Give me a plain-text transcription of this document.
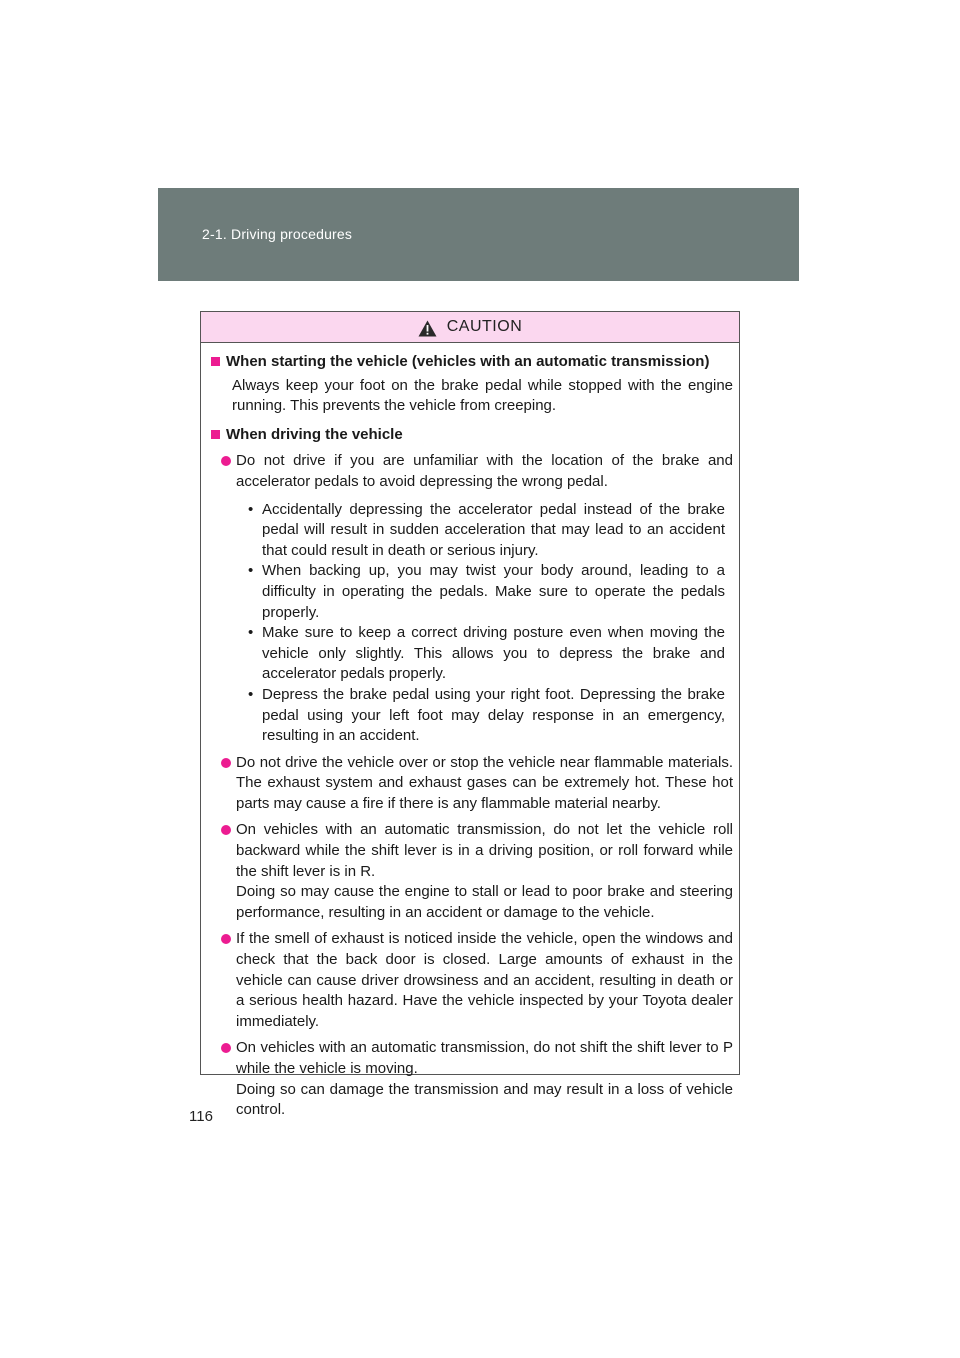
2-1. Driving procedures
CAUTION
When starting the vehicle (vehicles with an automatic transmission)
Always keep your foot on the brake pedal while stopped with the engine running. This prevents the vehicle from creeping.
When driving the vehicle

Do not drive if you are unfamiliar with the location of the brake and accelerator pedals to avoid depressing the wrong pedal.

• Accidentally depressing the accelerator pedal instead of the brake pedal will result in sudden acceleration that may lead to an accident that could result in death or serious injury.
• When backing up, you may twist your body around, leading to a difficulty in operating the pedals. Make sure to operate the pedals properly.
• Make sure to keep a correct driving posture even when moving the vehicle only slightly. This allows you to depress the brake and accelerator pedals properly.
• Depress the brake pedal using your right foot. Depressing the brake pedal using your left foot may delay response in an emergency, resulting in an accident.

Do not drive the vehicle over or stop the vehicle near flammable materials. The exhaust system and exhaust gases can be extremely hot. These hot parts may cause a fire if there is any flammable material nearby.

On vehicles with an automatic transmission, do not let the vehicle roll backward while the shift lever is in a driving position, or roll forward while the shift lever is in R.

Doing so may cause the engine to stall or lead to poor brake and steering performance, resulting in an accident or damage to the vehicle.

If the smell of exhaust is noticed inside the vehicle, open the windows and check that the back door is closed. Large amounts of exhaust in the vehicle can cause driver drowsiness and an accident, resulting in death or a serious health hazard. Have the vehicle inspected by your Toyota dealer immediately.

On vehicles with an automatic transmission, do not shift the shift lever to P while the vehicle is moving.

Doing so can damage the transmission and may result in a loss of vehicle control.

116
